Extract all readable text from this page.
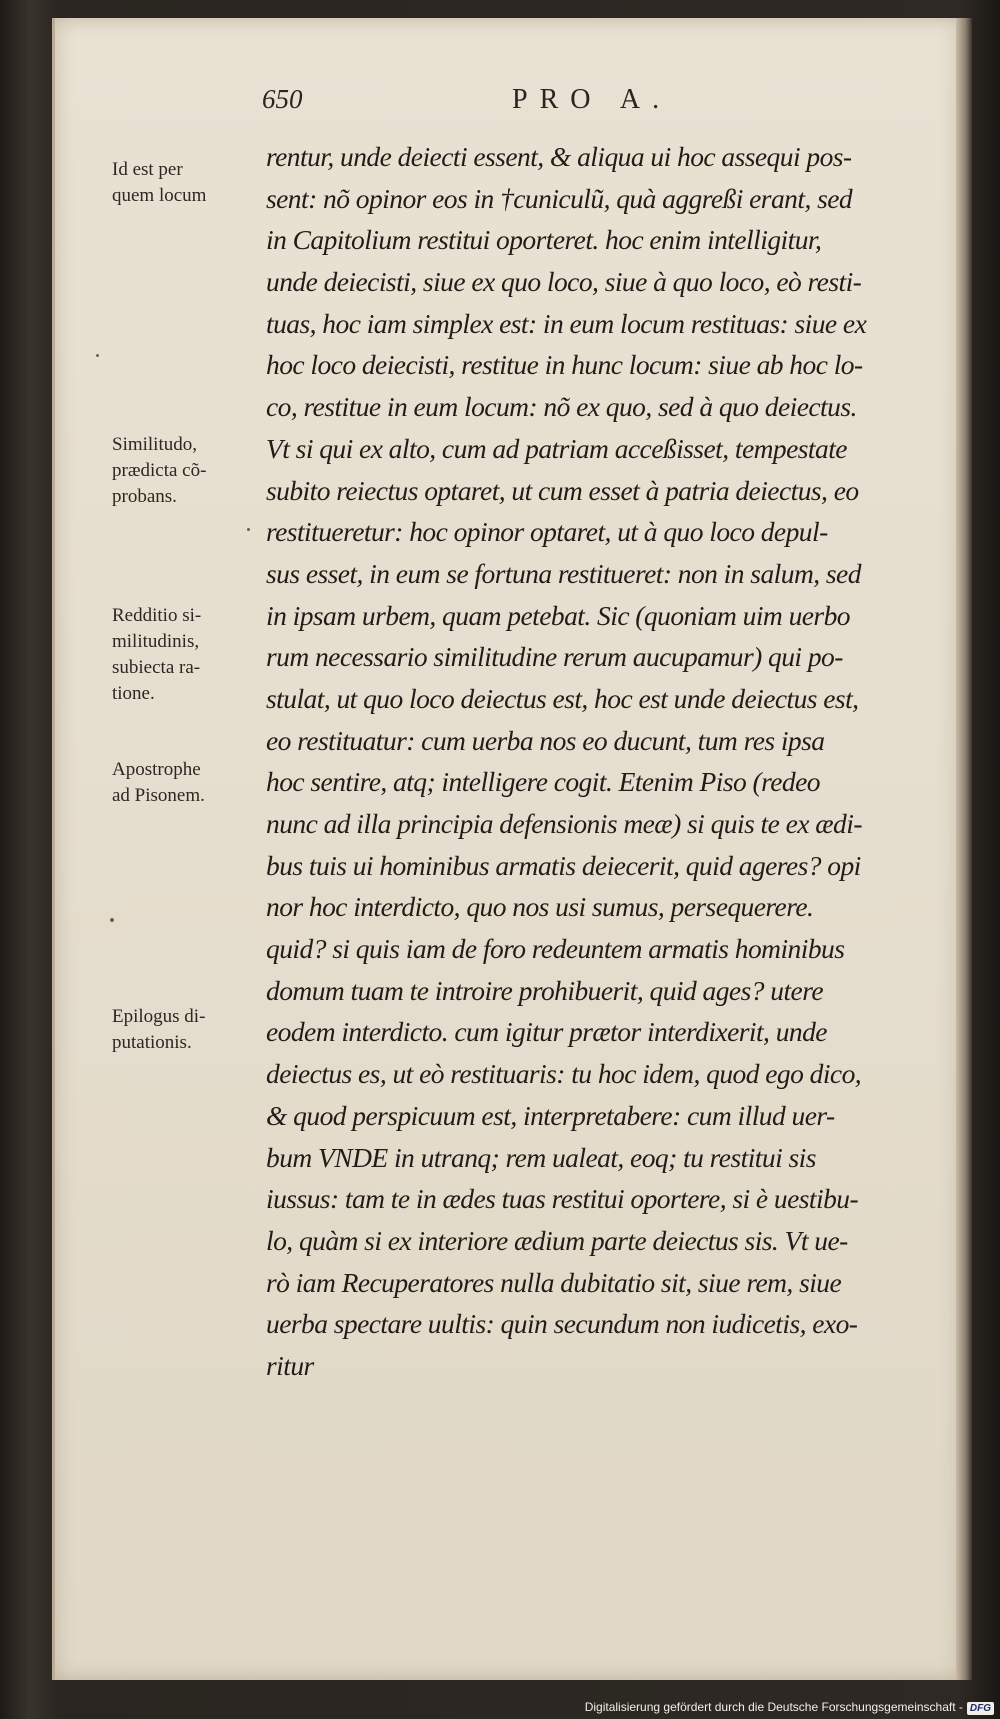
650	PRO A.
rentur, unde deiecti essent, & aliqua ui hoc assequi pos-
sent: nõ opinor eos in †cuniculũ, quà aggreßi erant, sed
in Capitolium restitui oporteret. hoc enim intelligitur,
unde deiecisti, siue ex quo loco, siue à quo loco, eò resti-
tuas, hoc iam simplex est: in eum locum restituas: siue ex
hoc loco deiecisti, restitue in hunc locum: siue ab hoc lo-
co, restitue in eum locum: nõ ex quo, sed à quo deiectus.
Vt si qui ex alto, cum ad patriam acceßisset, tempestate
subito reiectus optaret, ut cum esset à patria deiectus, eo
restitueretur: hoc opinor optaret, ut à quo loco depul-
sus esset, in eum se fortuna restitueret: non in salum, sed
in ipsam urbem, quam petebat. Sic (quoniam uim uerbo
rum necessario similitudine rerum aucupamur) qui po-
stulat, ut quo loco deiectus est, hoc est unde deiectus est,
eo restituatur: cum uerba nos eo ducunt, tum res ipsa
hoc sentire, atq; intelligere cogit. Etenim Piso (redeo
nunc ad illa principia defensionis meæ) si quis te ex ædi-
bus tuis ui hominibus armatis deiecerit, quid ageres? opi
nor hoc interdicto, quo nos usi sumus, persequerere.
quid? si quis iam de foro redeuntem armatis hominibus
domum tuam te introire prohibuerit, quid ages? utere
eodem interdicto. cum igitur prætor interdixerit, unde
deiectus es, ut eò restituaris: tu hoc idem, quod ego dico,
& quod perspicuum est, interpretabere: cum illud uer-
bum VNDE in utranq; rem ualeat, eoq; tu restitui sis
iussus: tam te in ædes tuas restitui oportere, si è uestibu-
lo, quàm si ex interiore ædium parte deiectus sis. Vt ue-
rò iam Recuperatores nulla dubitatio sit, siue rem, siue
uerba spectare uultis: quin secundum non iudicetis, exo-
ritur
Id est per
quem locum
Similitudo,
prædicta cõ-
probans.
Redditio si-
militudinis,
subiecta ra-
tione.
Apostrophe
ad Pisonem.
Epilogus di-
putationis.
Digitalisierung gefördert durch die Deutsche Forschungsgemeinschaft - DFG
